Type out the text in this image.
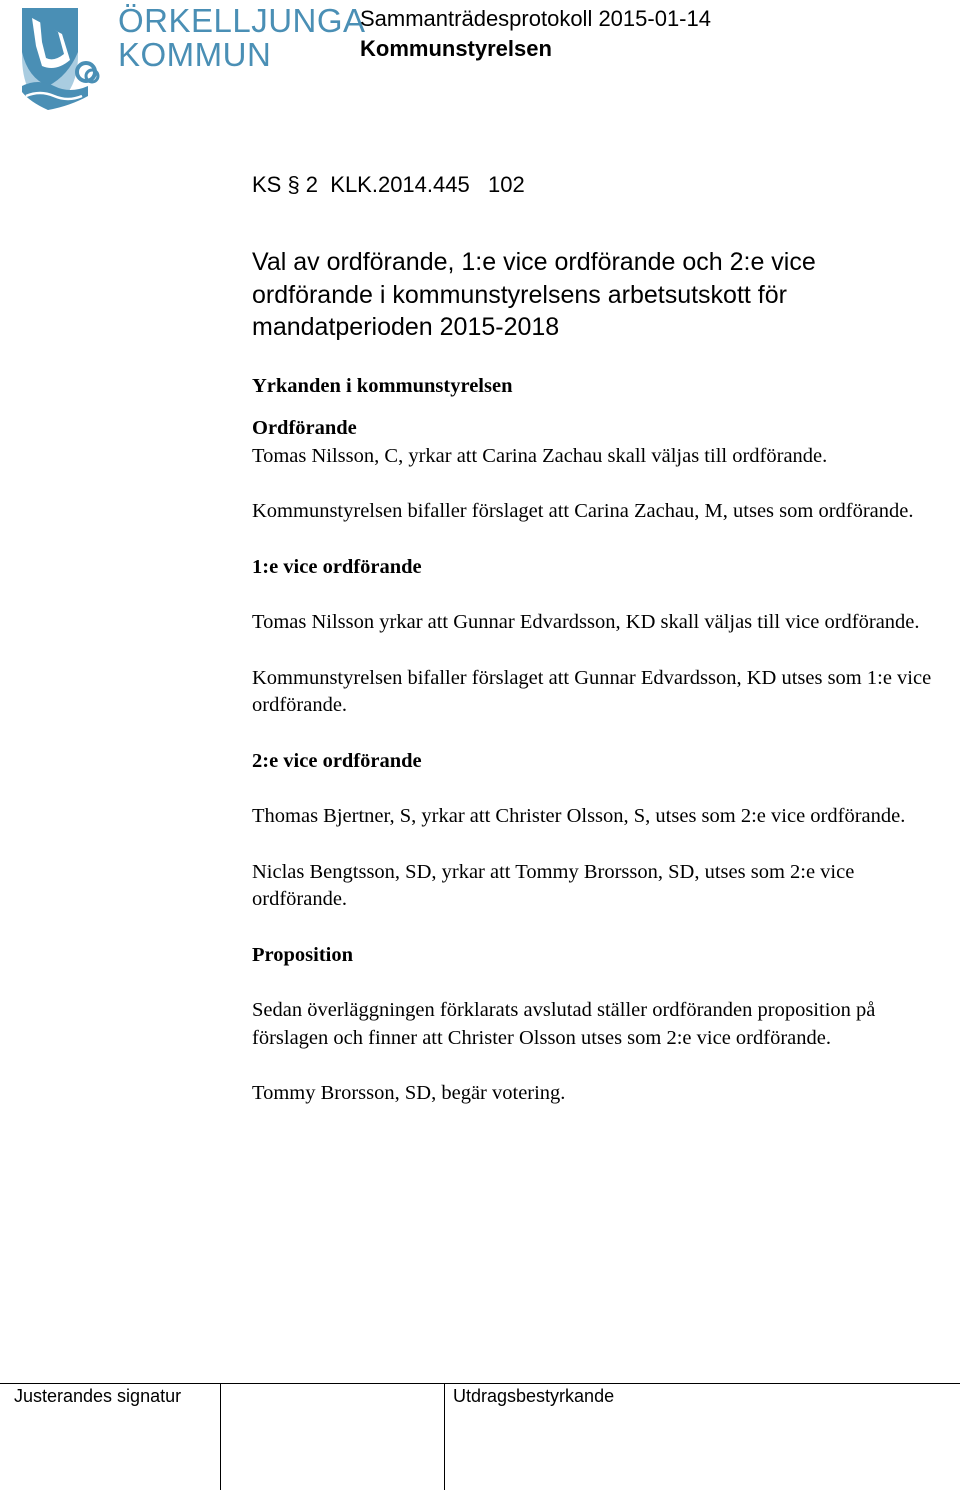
ÖRKELLJUNGA
KOMMUN
Sammanträdesprotokoll 2015-01-14
Kommunstyrelsen

KS § 2  KLK.2014.445   102

Val av ordförande, 1:e vice ordförande och 2:e vice ordförande i kommunstyrelsens arbetsutskott för mandatperioden 2015-2018

Yrkanden i kommunstyrelsen

Ordförande

Tomas Nilsson, C, yrkar att Carina Zachau skall väljas till ordförande.

Kommunstyrelsen bifaller förslaget att Carina Zachau, M, utses som ordförande.

1:e vice ordförande

Tomas Nilsson yrkar att Gunnar Edvardsson, KD skall väljas till vice ordförande.

Kommunstyrelsen bifaller förslaget att Gunnar Edvardsson, KD utses som 1:e vice ordförande.

2:e vice ordförande

Thomas Bjertner, S, yrkar att Christer Olsson, S, utses som 2:e vice ordförande.

Niclas Bengtsson, SD, yrkar att Tommy Brorsson, SD, utses som 2:e vice ordförande.

Proposition

Sedan överläggningen förklarats avslutad ställer ordföranden proposition på förslagen och finner att Christer Olsson utses som 2:e vice ordförande.

Tommy Brorsson, SD, begär votering.

Justerandes signatur	Utdragsbestyrkande
